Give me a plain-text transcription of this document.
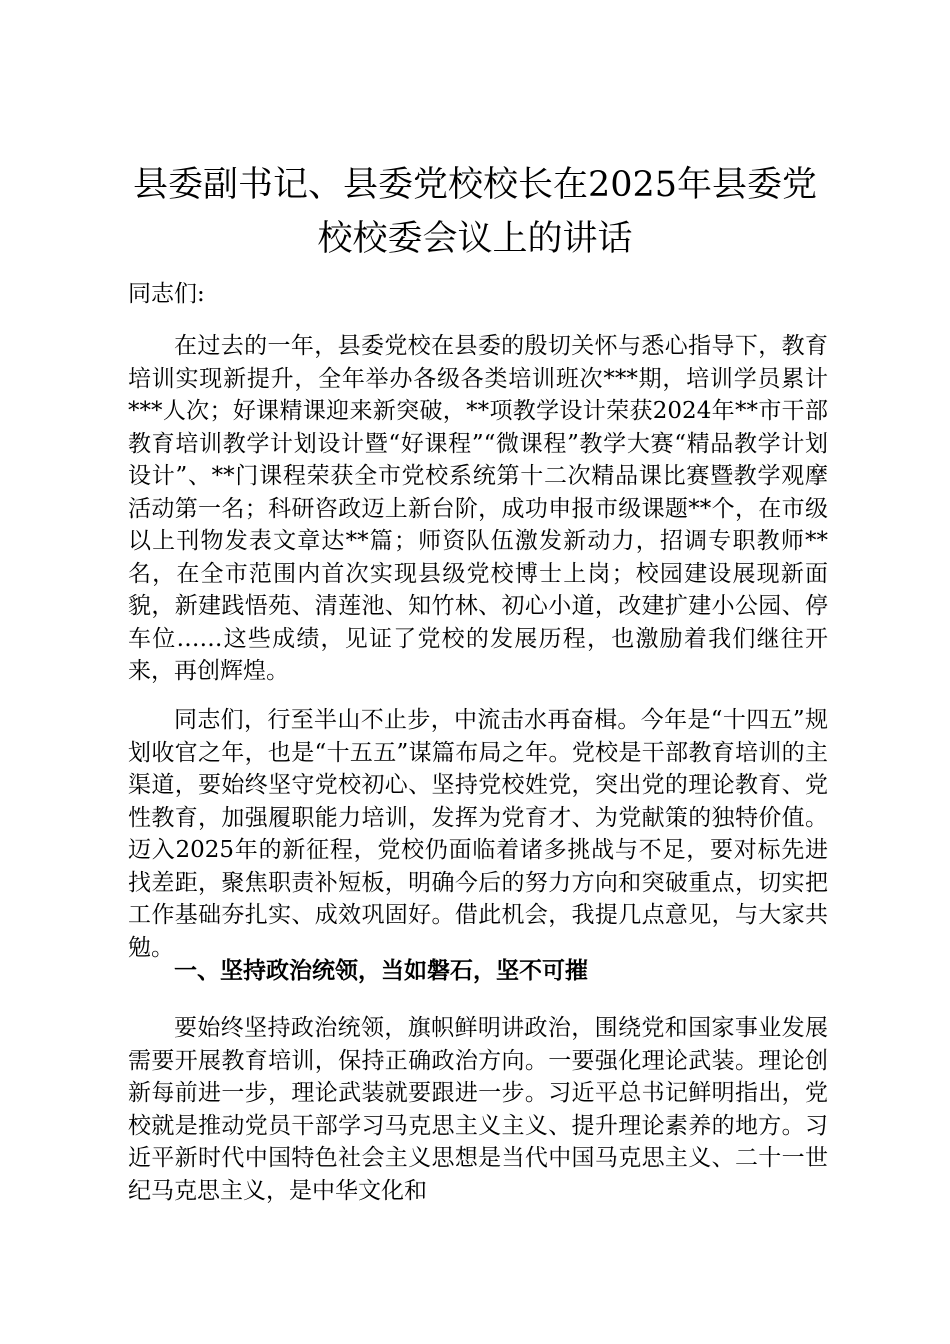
县委副书记、县委党校校长在2025年县委党校校委会议上的讲话

同志们:

在过去的一年，县委党校在县委的殷切关怀与悉心指导下，教育培训实现新提升，全年举办各级各类培训班次***期，培训学员累计***人次；好课精课迎来新突破，**项教学设计荣获2024年**市干部教育培训教学计划设计暨“好课程”“微课程”教学大赛“精品教学计划设计”、**门课程荣获全市党校系统第十二次精品课比赛暨教学观摩活动第一名；科研咨政迈上新台阶，成功申报市级课题**个，在市级以上刊物发表文章达**篇；师资队伍激发新动力，招调专职教师**名，在全市范围内首次实现县级党校博士上岗；校园建设展现新面貌，新建践悟苑、清莲池、知竹林、初心小道，改建扩建小公园、停车位……这些成绩，见证了党校的发展历程，也激励着我们继往开来，再创辉煌。

同志们，行至半山不止步，中流击水再奋楫。今年是“十四五”规划收官之年，也是“十五五”谋篇布局之年。党校是干部教育培训的主渠道，要始终坚守党校初心、坚持党校姓党，突出党的理论教育、党性教育，加强履职能力培训，发挥为党育才、为党献策的独特价值。迈入2025年的新征程，党校仍面临着诸多挑战与不足，要对标先进找差距，聚焦职责补短板，明确今后的努力方向和突破重点，切实把工作基础夯扎实、成效巩固好。借此机会，我提几点意见，与大家共勉。

一、坚持政治统领，当如磐石，坚不可摧

要始终坚持政治统领，旗帜鲜明讲政治，围绕党和国家事业发展需要开展教育培训，保持正确政治方向。一要强化理论武装。理论创新每前进一步，理论武装就要跟进一步。习近平总书记鲜明指出，党校就是推动党员干部学习马克思主义主义、提升理论素养的地方。习近平新时代中国特色社会主义思想是当代中国马克思主义、二十一世纪马克思主义，是中华文化和
